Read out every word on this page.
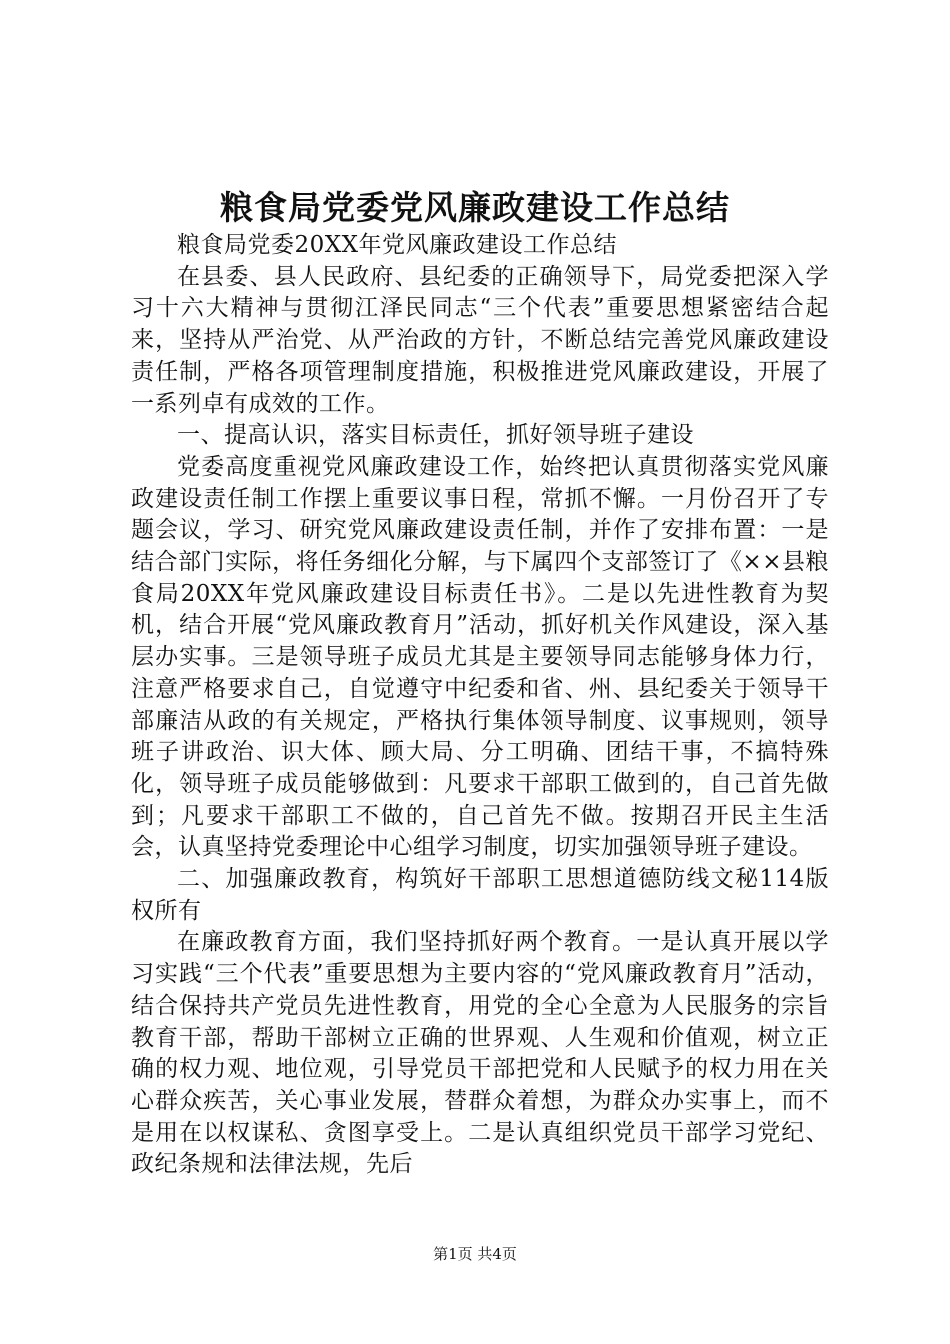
粮食局党委党风廉政建设工作总结

粮食局党委20XX年党风廉政建设工作总结

在县委、县人民政府、县纪委的正确领导下，局党委把深入学习十六大精神与贯彻江泽民同志“三个代表”重要思想紧密结合起来，坚持从严治党、从严治政的方针，不断总结完善党风廉政建设责任制，严格各项管理制度措施，积极推进党风廉政建设，开展了一系列卓有成效的工作。

一、提高认识，落实目标责任，抓好领导班子建设

党委高度重视党风廉政建设工作，始终把认真贯彻落实党风廉政建设责任制工作摆上重要议事日程，常抓不懈。一月份召开了专题会议，学习、研究党风廉政建设责任制，并作了安排布置：一是结合部门实际，将任务细化分解，与下属四个支部签订了《××县粮食局20XX年党风廉政建设目标责任书》。二是以先进性教育为契机，结合开展“党风廉政教育月”活动，抓好机关作风建设，深入基层办实事。三是领导班子成员尤其是主要领导同志能够身体力行，注意严格要求自己，自觉遵守中纪委和省、州、县纪委关于领导干部廉洁从政的有关规定，严格执行集体领导制度、议事规则，领导班子讲政治、识大体、顾大局、分工明确、团结干事，不搞特殊化，领导班子成员能够做到：凡要求干部职工做到的，自己首先做到；凡要求干部职工不做的，自己首先不做。按期召开民主生活会，认真坚持党委理论中心组学习制度，切实加强领导班子建设。

二、加强廉政教育，构筑好干部职工思想道德防线文秘114版权所有

在廉政教育方面，我们坚持抓好两个教育。一是认真开展以学习实践“三个代表”重要思想为主要内容的“党风廉政教育月”活动，结合保持共产党员先进性教育，用党的全心全意为人民服务的宗旨教育干部，帮助干部树立正确的世界观、人生观和价值观，树立正确的权力观、地位观，引导党员干部把党和人民赋予的权力用在关心群众疾苦，关心事业发展，替群众着想，为群众办实事上，而不是用在以权谋私、贪图享受上。二是认真组织党员干部学习党纪、政纪条规和法律法规，先后

第1页 共4页
